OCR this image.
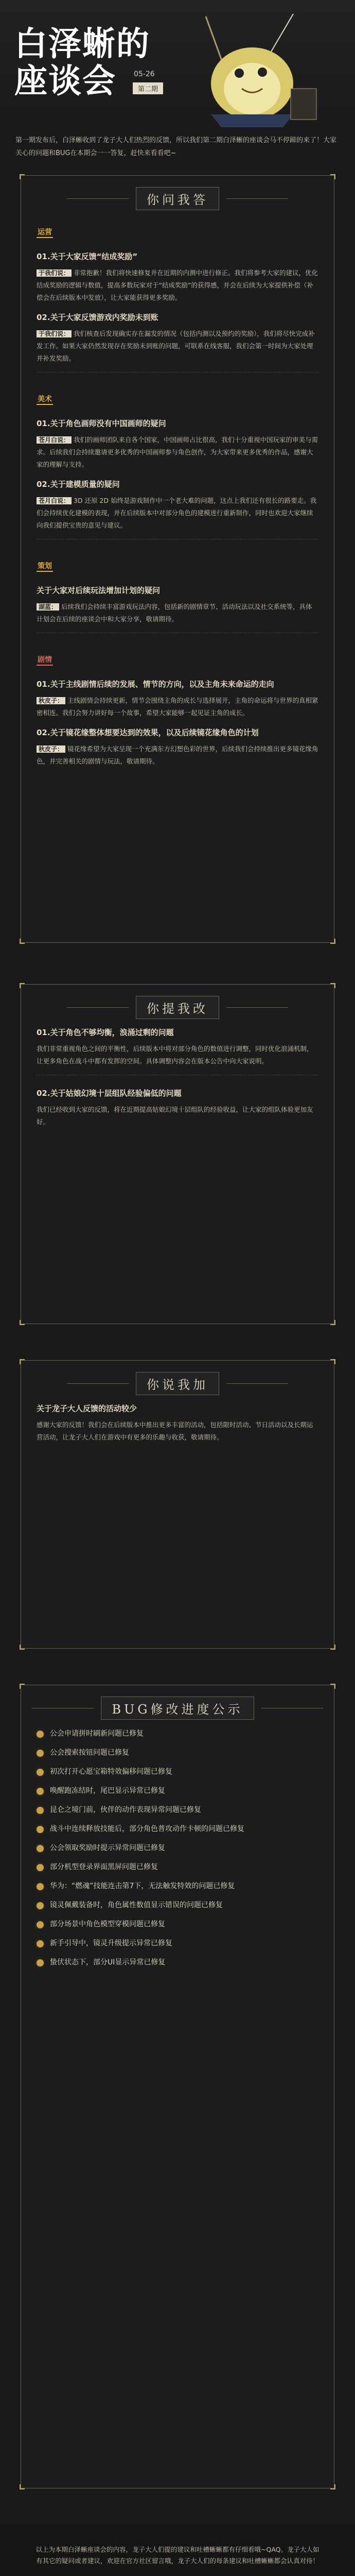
白泽蜥的
座谈会	05-26
第二期
第一期发布后，白泽蜥收到了龙子大人们热烈的反馈，所以我们第二期白泽蜥的座谈会马不停蹄的来了！大家关心的问题和BUG在本期会一一答复，赶快来看看吧~
你问我答
运营
01.关于大家反馈“结成奖励”
于我们说： 非常抱歉！我们将快速修复并在近期的内测中进行修正。我们将参考大家的建议，优化结成奖励的逻辑与数值，提高多数玩家对于“结成奖励”的获得感，并会在后续为大家提供补偿（补偿会在后续版本中发放），让大家能获得更多奖励。
02.关于大家反馈游戏内奖励未到账
于我们说： 我们核查后发现确实存在漏发的情况（包括内测以及预约的奖励），我们将尽快完成补发工作。如果大家仍然发现存在奖励未到账的问题，可联系在线客服，我们会第一时间为大家处理并补发奖励。
美术
01.关于角色画师没有中国画师的疑问
苍月白说： 我们的画师团队来自各个国家，中国画师占比很高，我们十分重视中国玩家的审美与需求。后续我们会持续邀请更多优秀的中国画师参与角色创作，为大家带来更多优秀的作品，感谢大家的理解与支持。
02.关于建模质量的疑问
苍月白说： 3D 还原 2D 始终是游戏制作中一个老大难的问题，这点上我们还有很长的路要走。我们会持续优化建模的表现，并在后续版本中对部分角色的建模进行重新制作，同时也欢迎大家继续向我们提供宝贵的意见与建议。
策划
关于大家对后续玩法增加计划的疑问
湖蓝： 后续我们会持续丰富游戏玩法内容，包括新的剧情章节、活动玩法以及社交系统等，具体计划会在后续的座谈会中和大家分享，敬请期待。
剧情
01.关于主线剧情后续的发展、情节的方向，以及主角未来命运的走向
秋皮子： 主线剧情会持续更新，情节会围绕主角的成长与选择展开，主角的命运将与世界的真相紧密相连。我们会努力讲好每一个故事，希望大家能够一起见证主角的成长。
02.关于镜花缘整体想要达到的效果，以及后续镜花缘角色的计划
秋皮子： 镜花缘希望为大家呈现一个充满东方幻想色彩的世界，后续我们会持续推出更多镜花缘角色，并完善相关的剧情与玩法，敬请期待。
你提我改
01.关于角色不够均衡，浪涌过剩的问题
我们非常重视角色之间的平衡性，后续版本中将对部分角色的数值进行调整，同时优化浪涌机制，让更多角色在战斗中都有发挥的空间。具体调整内容会在版本公告中向大家说明。
02.关于姑娘幻境十层组队经验偏低的问题
我们已经收到大家的反馈，将在近期提高姑娘幻境十层组队的经验收益，让大家的组队体验更加友好。
你说我加
关于龙子大人反馈的活动较少
感谢大家的反馈！我们会在后续版本中推出更多丰富的活动，包括限时活动、节日活动以及长期运营活动，让龙子大人们在游戏中有更多的乐趣与收获，敬请期待。
BUG修改进度公示
公会申请拼时刷新问题已修复
公会搜索按钮问题已修复
初次打开心愿宝箱特效偏移问题已修复
唤醒跑冻结时，尾巴显示异常已修复
昆仑之境门前，伙伴的动作表现异常问题已修复
战斗中连续释放技能后，部分角色普攻动作卡顿的问题已修复
公会领取奖励时提示异常问题已修复
部分机型登录界面黑屏问题已修复
华为：“燃魂”技能连击第7下，无法触发特效的问题已修复
镜灵佩戴装备时，角色属性数值显示错误的问题已修复
部分场景中角色模型穿模问题已修复
新手引导中，镜灵升级提示异常已修复
蛰伏状态下，部分UI显示异常已修复
以上为本期白泽蜥座谈会的内容，龙子大人们提的建议和吐槽蜥蜥都有仔细看哦~QAQ。龙子大人如有其它的疑问或者建议，欢迎在官方社区留言哦，龙子大人们的每条建议和吐槽蜥蜥都会认真对待！
